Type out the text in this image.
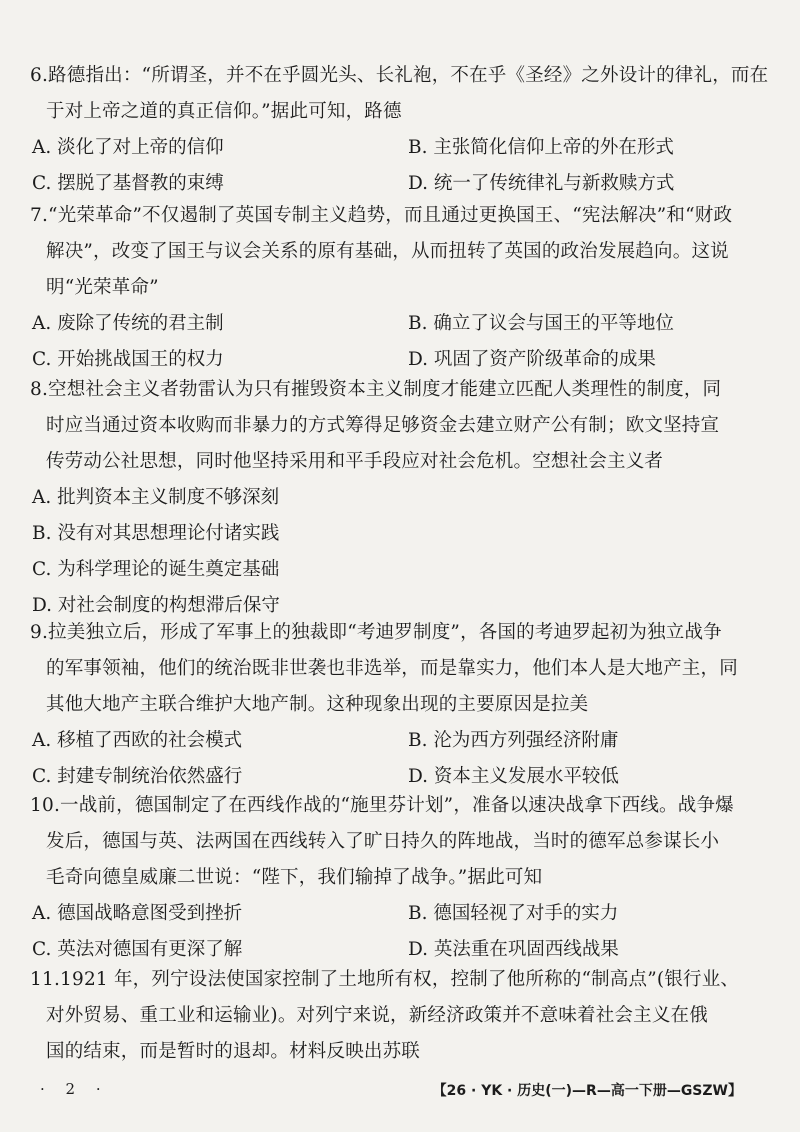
6.路德指出：“所谓圣，并不在乎圆光头、长礼袍，不在乎《圣经》之外设计的律礼，而在
于对上帝之道的真正信仰。”据此可知，路德
A. 淡化了对上帝的信仰	B. 主张简化信仰上帝的外在形式
C. 摆脱了基督教的束缚	D. 统一了传统律礼与新救赎方式
7.“光荣革命”不仅遏制了英国专制主义趋势，而且通过更换国王、“宪法解决”和“财政
解决”，改变了国王与议会关系的原有基础，从而扭转了英国的政治发展趋向。这说
明“光荣革命”
A. 废除了传统的君主制	B. 确立了议会与国王的平等地位
C. 开始挑战国王的权力	D. 巩固了资产阶级革命的成果
8.空想社会主义者勃雷认为只有摧毁资本主义制度才能建立匹配人类理性的制度，同
时应当通过资本收购而非暴力的方式筹得足够资金去建立财产公有制；欧文坚持宣
传劳动公社思想，同时他坚持采用和平手段应对社会危机。空想社会主义者
A. 批判资本主义制度不够深刻
B. 没有对其思想理论付诸实践
C. 为科学理论的诞生奠定基础
D. 对社会制度的构想滞后保守
9.拉美独立后，形成了军事上的独裁即“考迪罗制度”，各国的考迪罗起初为独立战争
的军事领袖，他们的统治既非世袭也非选举，而是靠实力，他们本人是大地产主，同
其他大地产主联合维护大地产制。这种现象出现的主要原因是拉美
A. 移植了西欧的社会模式	B. 沦为西方列强经济附庸
C. 封建专制统治依然盛行	D. 资本主义发展水平较低
10.一战前，德国制定了在西线作战的“施里芬计划”，准备以速决战拿下西线。战争爆
发后，德国与英、法两国在西线转入了旷日持久的阵地战，当时的德军总参谋长小
毛奇向德皇威廉二世说：“陛下，我们输掉了战争。”据此可知
A. 德国战略意图受到挫折	B. 德国轻视了对手的实力
C. 英法对德国有更深了解	D. 英法重在巩固西线战果
11.1921 年，列宁设法使国家控制了土地所有权，控制了他所称的“制高点”(银行业、
对外贸易、重工业和运输业)。对列宁来说，新经济政策并不意味着社会主义在俄
国的结束，而是暂时的退却。材料反映出苏联
· 2 ·	【26 · YK · 历史(一)—R—高一下册—GSZW】
